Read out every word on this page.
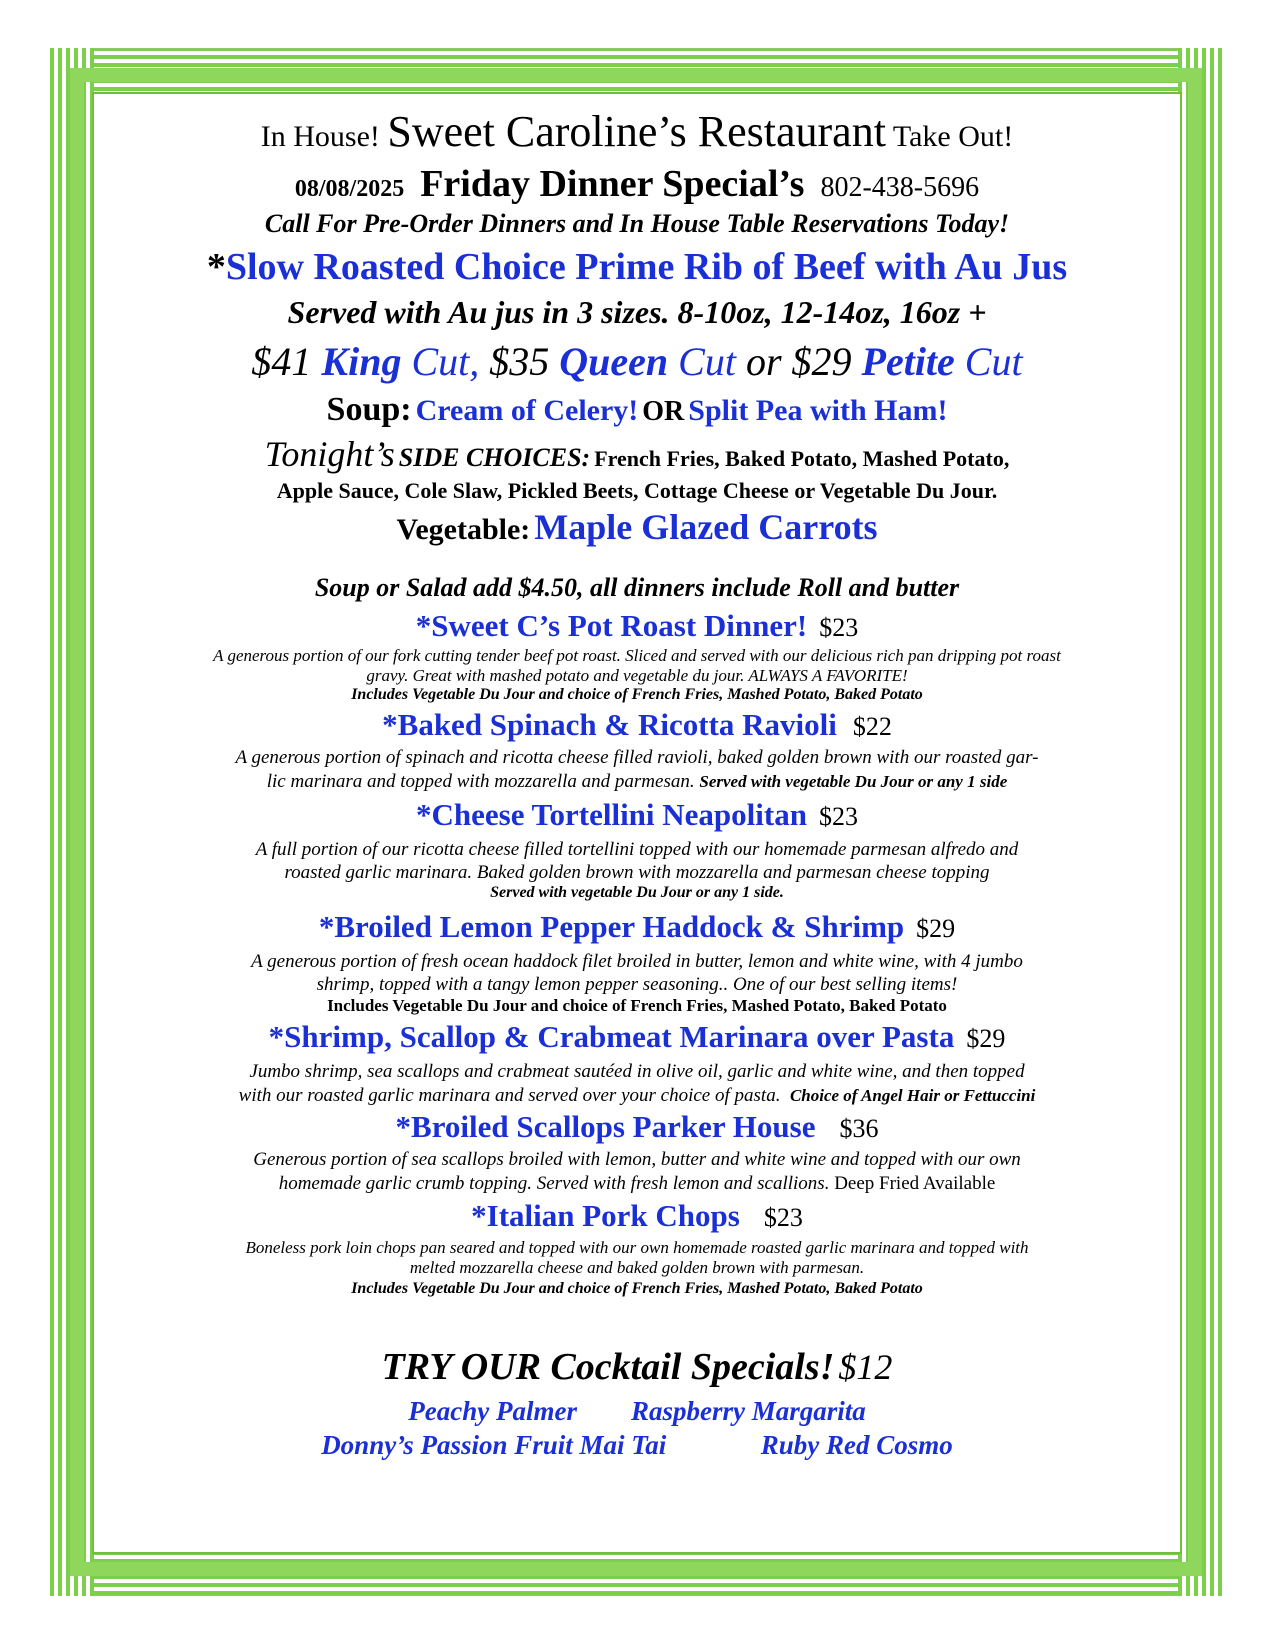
In House! Sweet Caroline’s Restaurant Take Out!
08/08/2025 Friday Dinner Special’s 802-438-5696
Call For Pre-Order Dinners and In House Table Reservations Today!
*Slow Roasted Choice Prime Rib of Beef with Au Jus
Served with Au jus in 3 sizes. 8-10oz, 12-14oz, 16oz +
$41 King Cut, $35 Queen Cut or $29 Petite Cut
Soup: Cream of Celery! OR Split Pea with Ham!
Tonight’s SIDE CHOICES: French Fries, Baked Potato, Mashed Potato,
Apple Sauce, Cole Slaw, Pickled Beets, Cottage Cheese or Vegetable Du Jour.
Vegetable: Maple Glazed Carrots
Soup or Salad add $4.50, all dinners include Roll and butter
*Sweet C’s Pot Roast Dinner! $23
A generous portion of our fork cutting tender beef pot roast. Sliced and served with our delicious rich pan dripping pot roast
gravy. Great with mashed potato and vegetable du jour. ALWAYS A FAVORITE!
Includes Vegetable Du Jour and choice of French Fries, Mashed Potato, Baked Potato
*Baked Spinach & Ricotta Ravioli $22
A generous portion of spinach and ricotta cheese filled ravioli, baked golden brown with our roasted gar-
lic marinara and topped with mozzarella and parmesan. Served with vegetable Du Jour or any 1 side
*Cheese Tortellini Neapolitan $23
A full portion of our ricotta cheese filled tortellini topped with our homemade parmesan alfredo and
roasted garlic marinara. Baked golden brown with mozzarella and parmesan cheese topping
Served with vegetable Du Jour or any 1 side.
*Broiled Lemon Pepper Haddock & Shrimp $29
A generous portion of fresh ocean haddock filet broiled in butter, lemon and white wine, with 4 jumbo
shrimp, topped with a tangy lemon pepper seasoning.. One of our best selling items!
Includes Vegetable Du Jour and choice of French Fries, Mashed Potato, Baked Potato
*Shrimp, Scallop & Crabmeat Marinara over Pasta $29
Jumbo shrimp, sea scallops and crabmeat sautéed in olive oil, garlic and white wine, and then topped
with our roasted garlic marinara and served over your choice of pasta. Choice of Angel Hair or Fettuccini
*Broiled Scallops Parker House $36
Generous portion of sea scallops broiled with lemon, butter and white wine and topped with our own
homemade garlic crumb topping. Served with fresh lemon and scallions. Deep Fried Available
*Italian Pork Chops $23
Boneless pork loin chops pan seared and topped with our own homemade roasted garlic marinara and topped with
melted mozzarella cheese and baked golden brown with parmesan.
Includes Vegetable Du Jour and choice of French Fries, Mashed Potato, Baked Potato
TRY OUR Cocktail Specials! $12
Peachy Palmer Raspberry Margarita
Donny’s Passion Fruit Mai Tai	Ruby Red Cosmo
